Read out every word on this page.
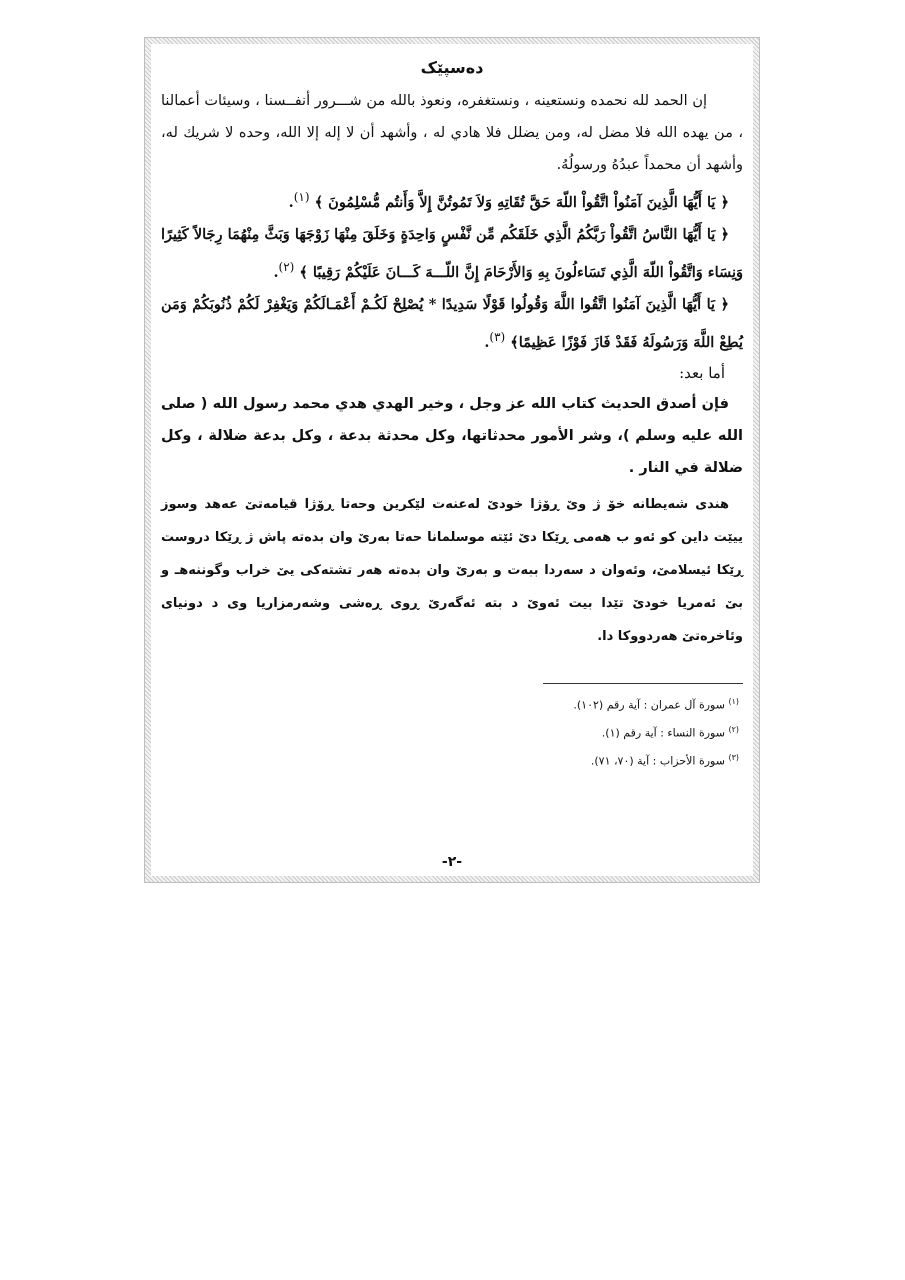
دەسپێک

إن الحمد لله نحمده ونستعينه ، ونستغفره، ونعوذ بالله من شـــرور أنفــسنا ، وسيئات أعمالنا ، من يهده الله فلا مضل له، ومن يضلل فلا هادي له ، وأشهد أن لا إله إلا الله، وحده لا شريك له، وأشهد أن محمداً عبدُهُ ورسولُهُ.

﴿ يَا أَيُّهَا الَّذِينَ آمَنُواْ اتَّقُواْ اللّهَ حَقَّ تُقَاتِهِ وَلاَ تَمُوتُنَّ إِلاَّ وَأَنتُم مُّسْلِمُونَ ﴾ $^{(١)}$.

﴿ يَا أَيُّهَا النَّاسُ اتَّقُواْ رَبَّكُمُ الَّذِي خَلَقَكُم مِّن نَّفْسٍ وَاحِدَةٍ وَخَلَقَ مِنْهَا زَوْجَهَا وَبَثَّ مِنْهُمَا رِجَالاً كَثِيرًا وَنِسَاء وَاتَّقُواْ اللّهَ الَّذِي تَسَاءلُونَ بِهِ وَالأَرْحَامَ إِنَّ اللّـــهَ كَـــانَ عَلَيْكُمْ رَقِيبًا ﴾ $^{(٢)}$.

﴿ يَا أَيُّهَا الَّذِينَ آمَنُوا اتَّقُوا اللَّهَ وَقُولُوا قَوْلًا سَدِيدًا * يُصْلِحْ لَكُـمْ أَعْمَـالَكُمْ وَيَغْفِرْ لَكُمْ ذُنُوبَكُمْ وَمَن يُطِعْ اللَّهَ وَرَسُولَهُ فَقَدْ فَازَ فَوْزًا عَظِيمًا﴾ $^{(٣)}$.

أما بعد:

فإن أصدق الحديث كتاب الله عز وجل ، وخير الهدي هدي محمد رسول الله ( صلى الله عليه وسلم )، وشر الأمور محدثاتها، وكل محدثة بدعة ، وكل بدعة ضلالة ، وكل ضلالة في النار .

هندى شەيطانە خۆ ژ وێ ڕۆژا خودێ لەعنەت لێكرين وحەتا ڕۆژا قيامەتێ عەهد وسوز ييێت داين كو ئەو ب هەمى ڕێكا دێ ئێتە موسلمانا حەتا بەرێ وان بدەتە پاش ژ ڕێكا دروست ڕێكا ئيسلامێ، وئەوان د سەردا ببەت و بەرێ وان بدەتە هەر تشتەكى يێ خراب وگوننەهـ و بێ ئەمريا خودێ تێدا بيت ئەوێ د بتە ئەگەرێ ڕوى ڕەشى وشەرمزاريا وى د دونياى وئاخرەتێ هەردووكا دا.

$^{(١)}$ سورة آل عمران : آية رقم (١٠٢).
$^{(٢)}$ سورة النساء : آية رقم (١).
$^{(٣)}$ سورة الأحزاب : آية (٧٠، ٧١).
-٢-
